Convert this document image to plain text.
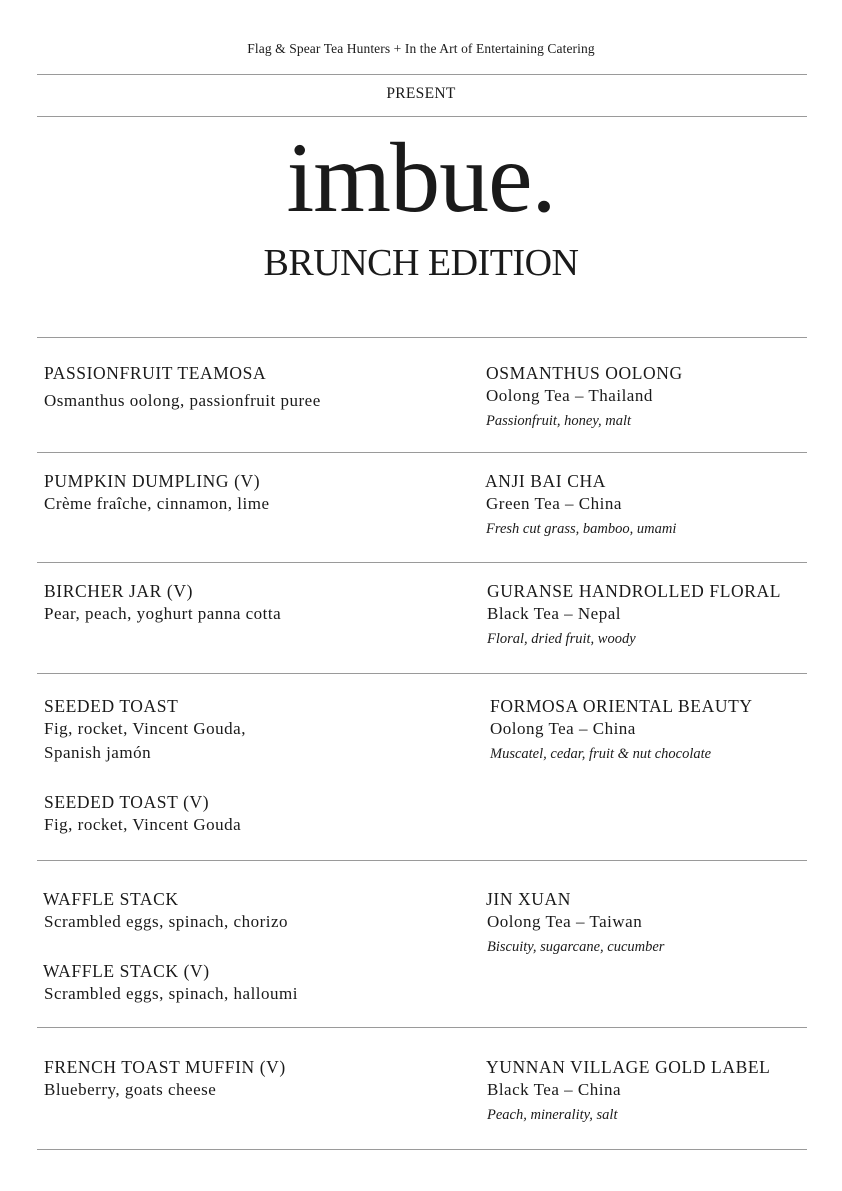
Flag & Spear Tea Hunters + In the Art of Entertaining Catering
PRESENT
imbue.
BRUNCH EDITION
PASSIONFRUIT TEAMOSA
Osmanthus oolong, passionfruit puree
OSMANTHUS OOLONG
Oolong Tea – Thailand
Passionfruit, honey, malt
PUMPKIN DUMPLING (V)
Crème fraîche, cinnamon, lime
ANJI BAI CHA
Green Tea – China
Fresh cut grass, bamboo, umami
BIRCHER JAR (V)
Pear, peach, yoghurt panna cotta
GURANSE HANDROLLED FLORAL
Black Tea – Nepal
Floral, dried fruit, woody
SEEDED TOAST
Fig, rocket, Vincent Gouda,
Spanish jamón
SEEDED TOAST (V)
Fig, rocket, Vincent Gouda
FORMOSA ORIENTAL BEAUTY
Oolong Tea – China
Muscatel, cedar, fruit & nut chocolate
WAFFLE STACK
Scrambled eggs, spinach, chorizo
WAFFLE STACK (V)
Scrambled eggs, spinach, halloumi
JIN XUAN
Oolong Tea – Taiwan
Biscuity, sugarcane, cucumber
FRENCH TOAST MUFFIN (V)
Blueberry, goats cheese
YUNNAN VILLAGE GOLD LABEL
Black Tea – China
Peach, minerality, salt
